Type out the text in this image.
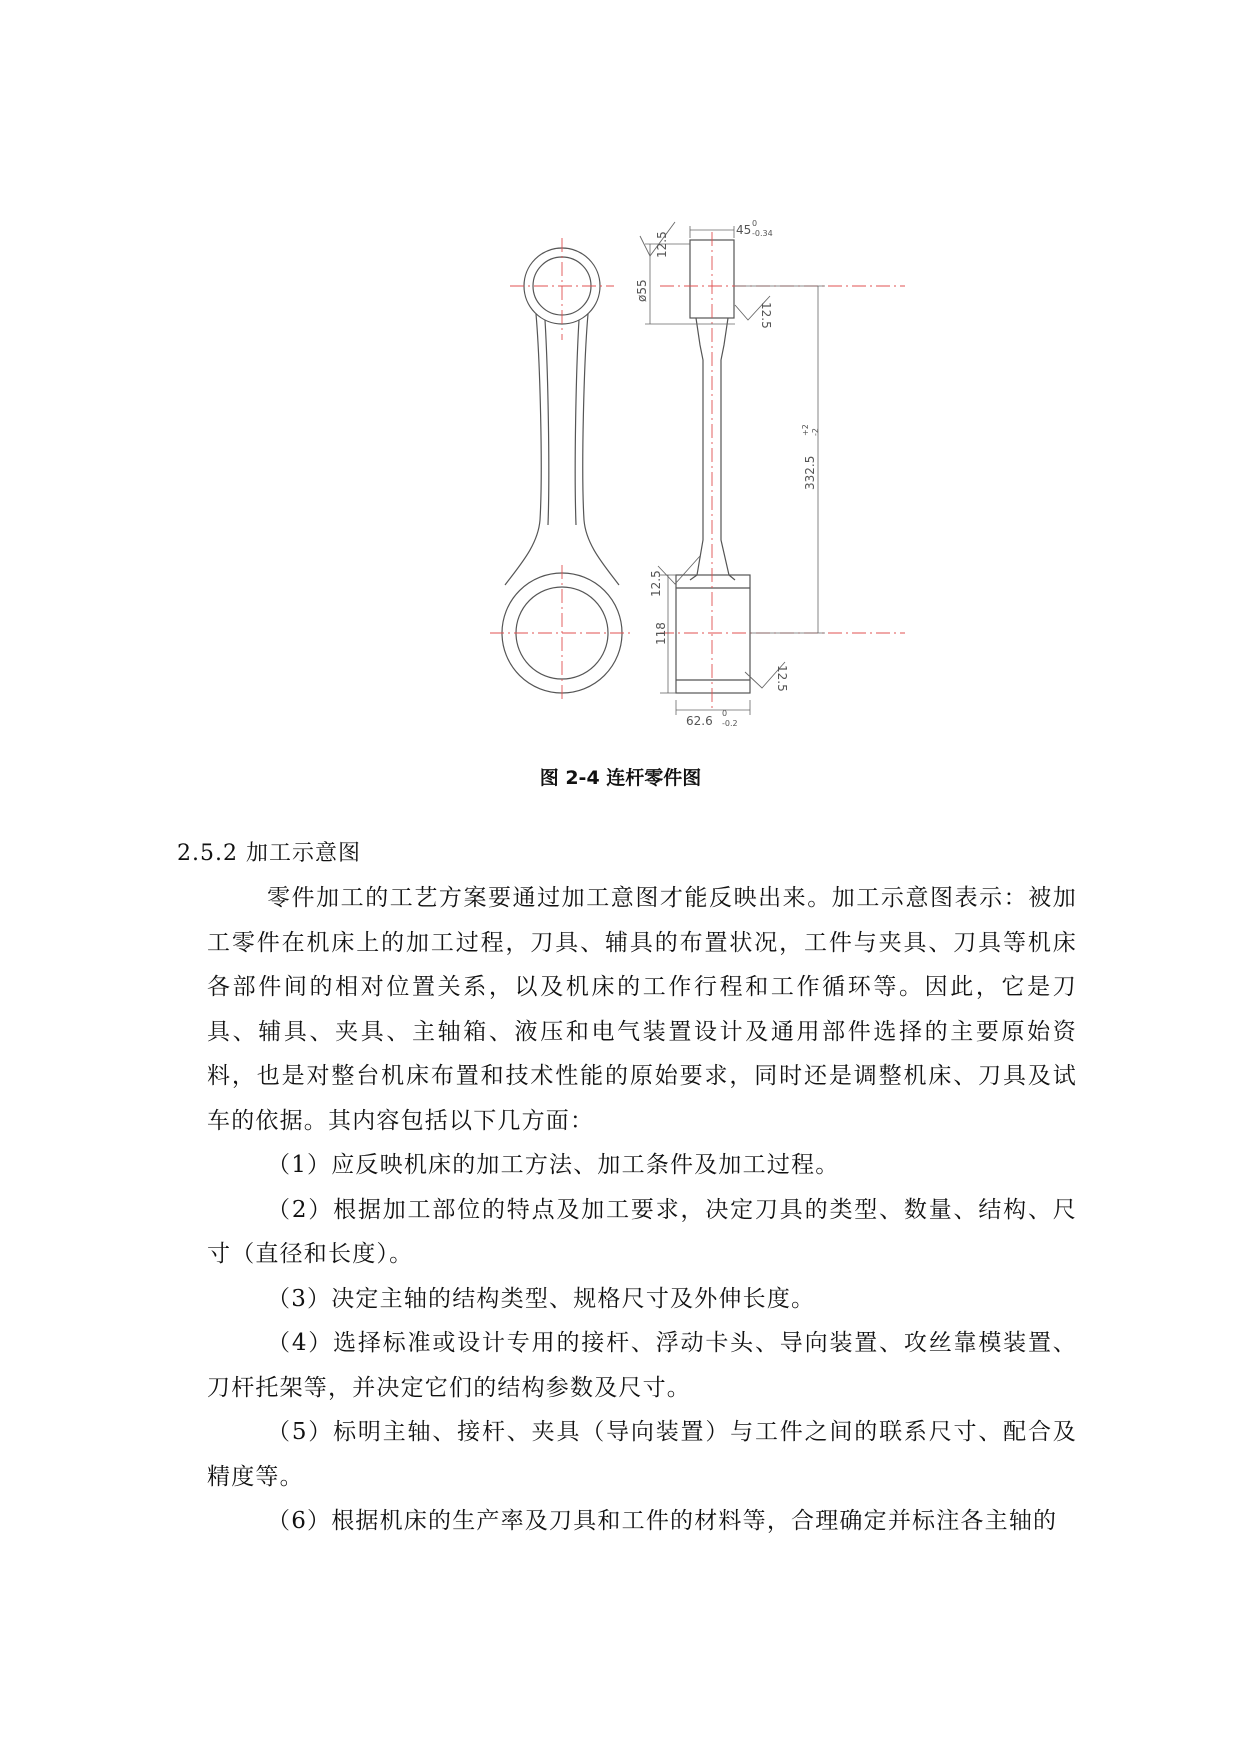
45 0
-0.34
ø55
12.5
12.5
332.5
+2 -2
12.5
118
12.5
62.6
0
-0.2
图 2-4 连杆零件图
2.5.2 加工示意图

零件加工的工艺方案要通过加工意图才能反映出来。加工示意图表示：被加工零件在机床上的加工过程，刀具、辅具的布置状况，工件与夹具、刀具等机床各部件间的相对位置关系，以及机床的工作行程和工作循环等。因此，它是刀具、辅具、夹具、主轴箱、液压和电气装置设计及通用部件选择的主要原始资料，也是对整台机床布置和技术性能的原始要求，同时还是调整机床、刀具及试车的依据。其内容包括以下几方面：

（1）应反映机床的加工方法、加工条件及加工过程。

（2）根据加工部位的特点及加工要求，决定刀具的类型、数量、结构、尺寸（直径和长度）。

（3）决定主轴的结构类型、规格尺寸及外伸长度。

（4）选择标准或设计专用的接杆、浮动卡头、导向装置、攻丝靠模装置、刀杆托架等，并决定它们的结构参数及尺寸。

（5）标明主轴、接杆、夹具（导向装置）与工件之间的联系尺寸、配合及精度等。

（6）根据机床的生产率及刀具和工件的材料等，合理确定并标注各主轴的
